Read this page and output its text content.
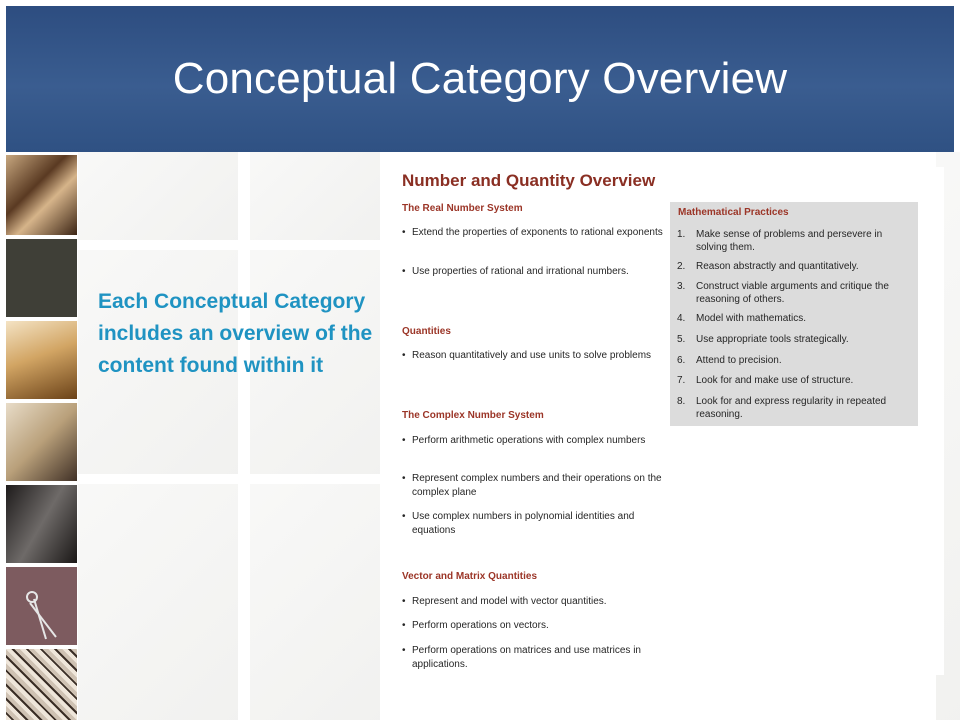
Conceptual Category Overview
Each Conceptual Category includes an overview of the content found within it
Number and Quantity Overview
The Real Number System
• Extend the properties of exponents to rational exponents
• Use properties of rational and irrational numbers.
Quantities
• Reason quantitatively and use units to solve problems
The Complex Number System
• Perform arithmetic operations with complex numbers
• Represent complex numbers and their operations on the complex plane
• Use complex numbers in polynomial identities and equations
Vector and Matrix Quantities
• Represent and model with vector quantities.
• Perform operations on vectors.
• Perform operations on matrices and use matrices in applications.
Mathematical Practices
1.	Make sense of problems and persevere in solving them.
2.	Reason abstractly and quantitatively.
3.	Construct viable arguments and critique the reasoning of others.
4.	Model with mathematics.
5.	Use appropriate tools strategically.
6.	Attend to precision.
7.	Look for and make use of structure.
8.	Look for and express regularity in repeated reasoning.
